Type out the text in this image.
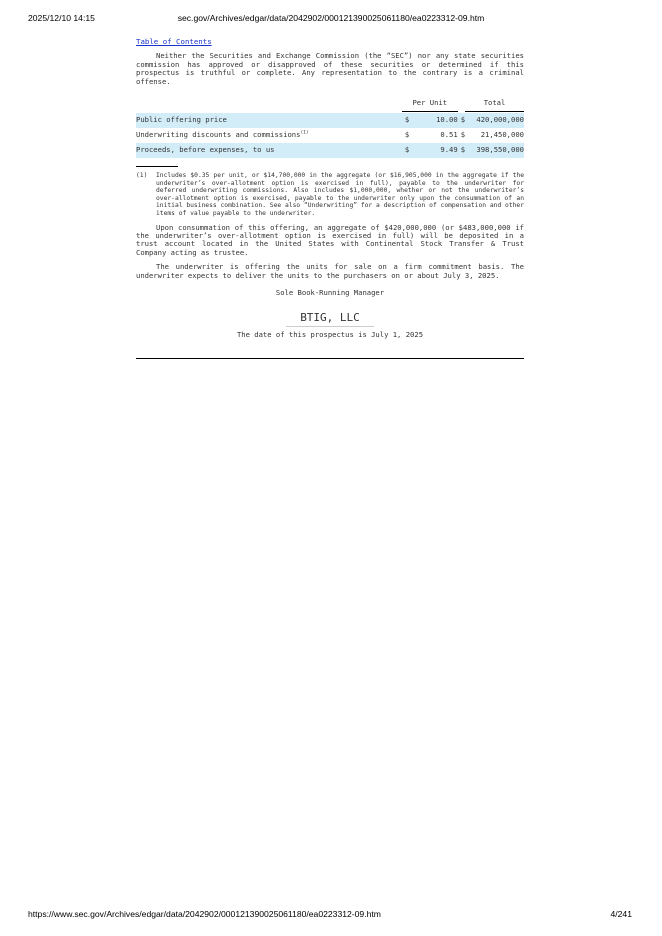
2025/12/10 14:15	sec.gov/Archives/edgar/data/2042902/000121390025061180/ea0223312-09.htm
Table of Contents

Neither the Securities and Exchange Commission (the “SEC”) nor any state securities commission has approved or disapproved of these securities or determined if this prospectus is truthful or complete. Any representation to the contrary is a criminal offense.

	Per Unit			Total
Public offering price	$	10.00	$	420,000,000
Underwriting discounts and commissions$^{(1)}$	$	0.51	$	21,450,000
Proceeds, before expenses, to us	$	9.49	$	398,550,000
(1)	Includes $0.35 per unit, or $14,700,000 in the aggregate (or $16,905,000 in the aggregate if the underwriter’s over-allotment option is exercised in full), payable to the underwriter for deferred underwriting commissions. Also includes $1,000,000, whether or not the underwriter’s over-allotment option is exercised, payable to the underwriter only upon the consummation of an initial business combination. See also “Underwriting” for a description of compensation and other items of value payable to the underwriter.

Upon consummation of this offering, an aggregate of $420,000,000 (or $483,000,000 if the underwriter’s over-allotment option is exercised in full) will be deposited in a trust account located in the United States with Continental Stock Transfer & Trust Company acting as trustee.

The underwriter is offering the units for sale on a firm commitment basis. The underwriter expects to deliver the units to the purchasers on or about July 3, 2025.

Sole Book-Running Manager
BTIG, LLC
The date of this prospectus is July 1, 2025
https://www.sec.gov/Archives/edgar/data/2042902/000121390025061180/ea0223312-09.htm	4/241
